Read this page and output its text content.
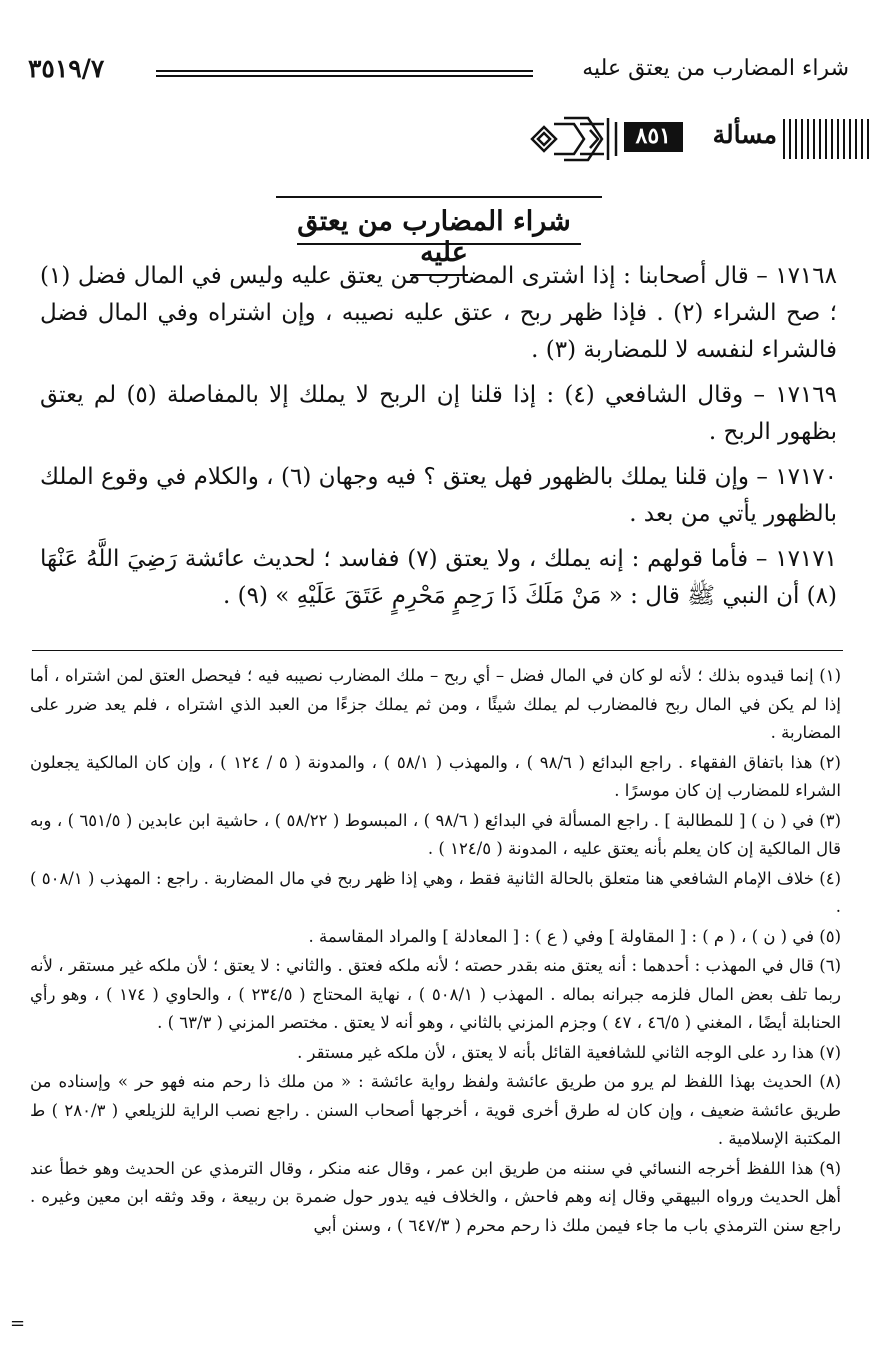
شراء المضارب من يعتق عليه
٣٥١٩/٧
مسألة
٨٥١
شراء المضارب من يعتق عليه

١٧١٦٨ – قال أصحابنا : إذا اشترى المضارب من يعتق عليه وليس في المال فضل (١) ؛ صح الشراء (٢) . فإذا ظهر ربح ، عتق عليه نصيبه ، وإن اشتراه وفي المال فضل فالشراء لنفسه لا للمضاربة (٣) .

١٧١٦٩ – وقال الشافعي (٤) : إذا قلنا إن الربح لا يملك إلا بالمفاصلة (٥) لم يعتق بظهور الربح .

١٧١٧٠ – وإن قلنا يملك بالظهور فهل يعتق ؟ فيه وجهان (٦) ، والكلام في وقوع الملك بالظهور يأتي من بعد .

١٧١٧١ – فأما قولهم : إنه يملك ، ولا يعتق (٧) ففاسد ؛ لحديث عائشة رَضِيَ اللَّهُ عَنْهَا (٨) أن النبي ﷺ قال : « مَنْ مَلَكَ ذَا رَحِمٍ مَحْرِمٍ عَتَقَ عَلَيْهِ » (٩) .

(١) إنما قيدوه بذلك ؛ لأنه لو كان في المال فضل – أي ربح – ملك المضارب نصيبه فيه ؛ فيحصل العتق لمن اشتراه ، أما إذا لم يكن في المال ربح فالمضارب لم يملك شيئًا ، ومن ثم يملك جزءًا من العبد الذي اشتراه ، فلم يعد ضرر على المضاربة .

(٢) هذا باتفاق الفقهاء . راجع البدائع ( ٩٨/٦ ) ، والمهذب ( ٥٨/١ ) ، والمدونة ( ٥ / ١٢٤ ) ، وإن كان المالكية يجعلون الشراء للمضارب إن كان موسرًا .

(٣) في ( ن ) [ للمطالبة ] . راجع المسألة في البدائع ( ٩٨/٦ ) ، المبسوط ( ٥٨/٢٢ ) ، حاشية ابن عابدين ( ٦٥١/٥ ) ، وبه قال المالكية إن كان يعلم بأنه يعتق عليه ، المدونة ( ١٢٤/٥ ) .

(٤) خلاف الإمام الشافعي هنا متعلق بالحالة الثانية فقط ، وهي إذا ظهر ربح في مال المضاربة . راجع : المهذب ( ٥٠٨/١ ) .

(٥) في ( ن ) ، ( م ) : [ المقاولة ] وفي ( ع ) : [ المعادلة ] والمراد المقاسمة .

(٦) قال في المهذب : أحدهما : أنه يعتق منه بقدر حصته ؛ لأنه ملكه فعتق . والثاني : لا يعتق ؛ لأن ملكه غير مستقر ، لأنه ربما تلف بعض المال فلزمه جبرانه بماله . المهذب ( ٥٠٨/١ ) ، نهاية المحتاج ( ٢٣٤/٥ ) ، والحاوي ( ١٧٤ ) ، وهو رأي الحنابلة أيضًا ، المغني ( ٤٦/٥ ، ٤٧ ) وجزم المزني بالثاني ، وهو أنه لا يعتق . مختصر المزني ( ٦٣/٣ ) .

(٧) هذا رد على الوجه الثاني للشافعية القائل بأنه لا يعتق ، لأن ملكه غير مستقر .

(٨) الحديث بهذا اللفظ لم يرو من طريق عائشة ولفظ رواية عائشة : « من ملك ذا رحم منه فهو حر » وإسناده من طريق عائشة ضعيف ، وإن كان له طرق أخرى قوية ، أخرجها أصحاب السنن . راجع نصب الراية للزيلعي ( ٢٨٠/٣ ) ط المكتبة الإسلامية .

(٩) هذا اللفظ أخرجه النسائي في سننه من طريق ابن عمر ، وقال عنه منكر ، وقال الترمذي عن الحديث وهو خطأ عند أهل الحديث ورواه البيهقي وقال إنه وهم فاحش ، والخلاف فيه يدور حول ضمرة بن ربيعة ، وقد وثقه ابن معين وغيره . راجع سنن الترمذي باب ما جاء فيمن ملك ذا رحم محرم ( ٦٤٧/٣ ) ، وسنن أبي

=
